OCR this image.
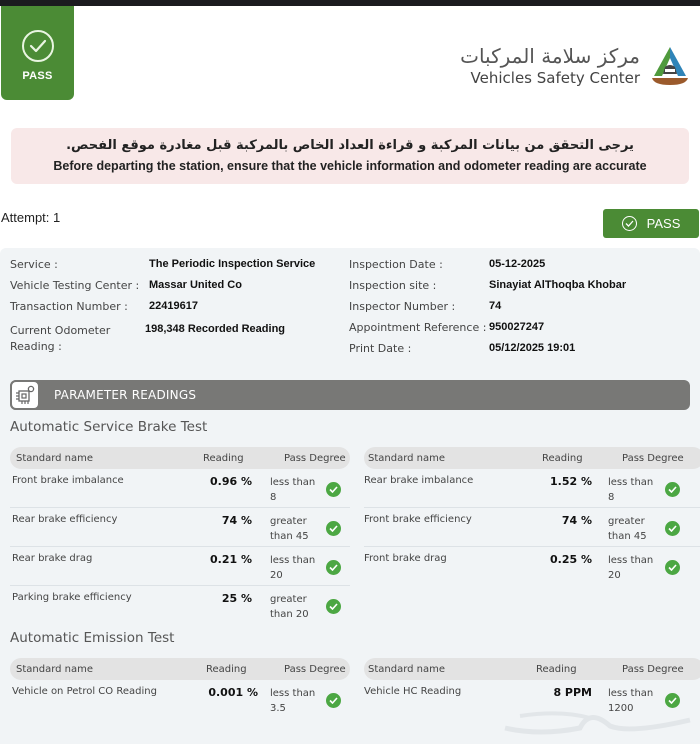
PASS
مركز سلامة المركبات
Vehicles Safety Center
يرجى التحقق من بيانات المركبة و قراءة العداد الخاص بالمركبة قبل مغادرة موقع الفحص.
Before departing the station, ensure that the vehicle information and odometer reading are accurate
Attempt: 1	PASS
Service :	The Periodic Inspection Service
Vehicle Testing Center : Massar United Co
Transaction Number :	22419617
Current Odometer Reading :
198,348 Recorded Reading
Inspection Date :	05-12-2025
Inspection site :	Sinayiat AlThoqba Khobar
Inspector Number :	74
Appointment Reference : 950027247
Print Date :	05/12/2025 19:01
PARAMETER READINGS
Automatic Service Brake Test
Standard name	Reading	Pass Degree
Front brake imbalance	0.96 % less than 8
Rear brake efficiency	74 % greater than 45
Rear brake drag	0.21 % less than 20
Parking brake efficiency	25 % greater than 20
Standard name	Reading	Pass Degree
Rear brake imbalance	1.52 % less than 8
Front brake efficiency	74 % greater than 45
Front brake drag	0.25 % less than 20
Automatic Emission Test
Standard name	Reading	Pass Degree
Vehicle on Petrol CO Reading	0.001 % less than 3.5
Standard name	Reading	Pass Degree
Vehicle HC Reading	8 PPM less than 1200
